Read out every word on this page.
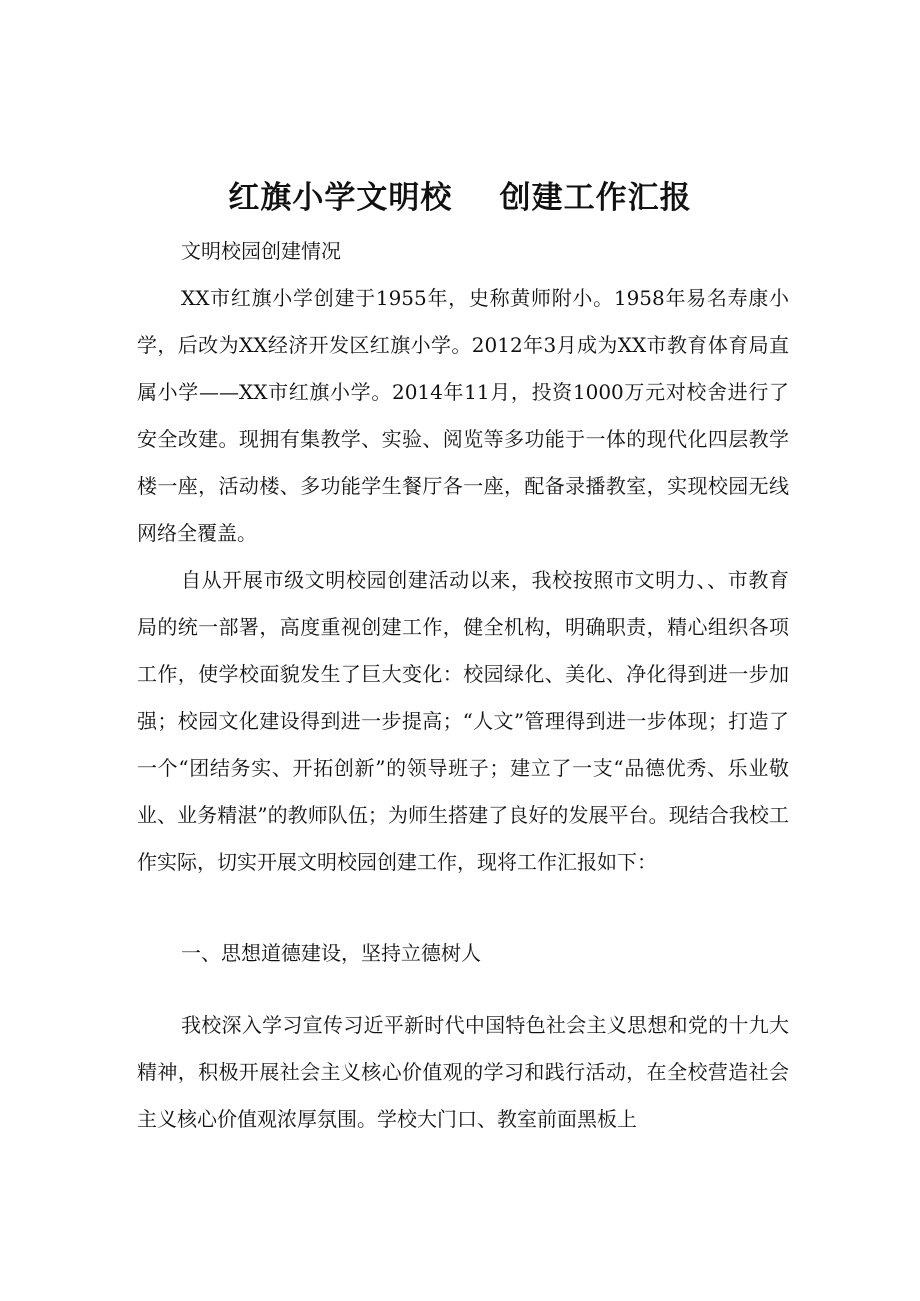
红旗小学文明校    创建工作汇报

文明校园创建情况

XX市红旗小学创建于1955年，史称黄师附小。1958年易名寿康小学，后改为XX经济开发区红旗小学。2012年3月成为XX市教育体育局直属小学——XX市红旗小学。2014年11月，投资1000万元对校舍进行了安全改建。现拥有集教学、实验、阅览等多功能于一体的现代化四层教学楼一座，活动楼、多功能学生餐厅各一座，配备录播教室，实现校园无线网络全覆盖。

自从开展市级文明校园创建活动以来，我校按照市文明力、、市教育局的统一部署，高度重视创建工作，健全机构，明确职责，精心组织各项工作，使学校面貌发生了巨大变化：校园绿化、美化、净化得到进一步加强；校园文化建设得到进一步提高；“人文”管理得到进一步体现；打造了一个“团结务实、开拓创新”的领导班子；建立了一支“品德优秀、乐业敬业、业务精湛”的教师队伍；为师生搭建了良好的发展平台。现结合我校工作实际，切实开展文明校园创建工作，现将工作汇报如下：

一、思想道德建设，坚持立德树人

我校深入学习宣传习近平新时代中国特色社会主义思想和党的十九大精神，积极开展社会主义核心价值观的学习和践行活动，在全校营造社会主义核心价值观浓厚氛围。学校大门口、教室前面黑板上
